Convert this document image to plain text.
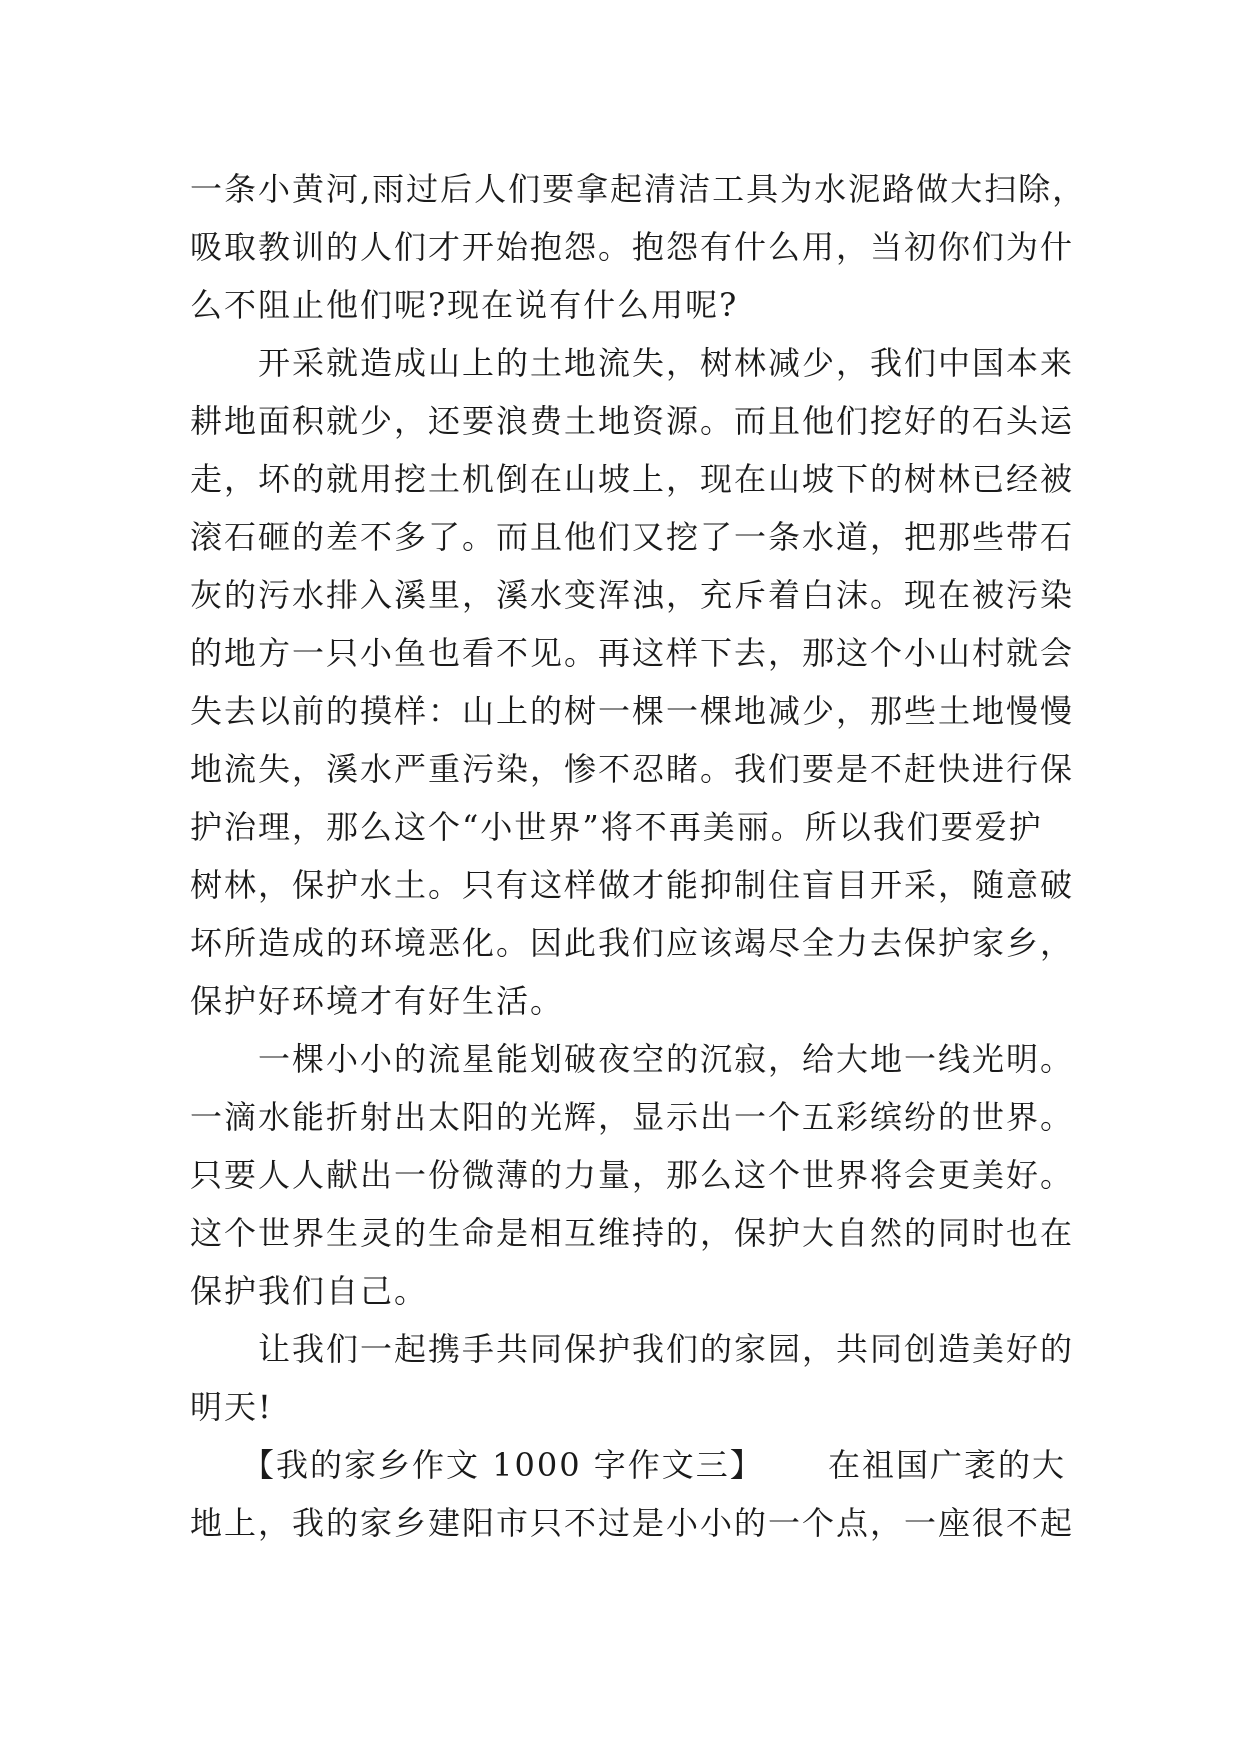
一条小黄河,雨过后人们要拿起清洁工具为水泥路做大扫除，
吸取教训的人们才开始抱怨。抱怨有什么用，当初你们为什
么不阻止他们呢?现在说有什么用呢?
　　开采就造成山上的土地流失，树林减少，我们中国本来
耕地面积就少，还要浪费土地资源。而且他们挖好的石头运
走，坏的就用挖土机倒在山坡上，现在山坡下的树林已经被
滚石砸的差不多了。而且他们又挖了一条水道，把那些带石
灰的污水排入溪里，溪水变浑浊，充斥着白沫。现在被污染
的地方一只小鱼也看不见。再这样下去，那这个小山村就会
失去以前的摸样：山上的树一棵一棵地减少，那些土地慢慢
地流失，溪水严重污染，惨不忍睹。我们要是不赶快进行保
护治理，那么这个“小世界”将不再美丽。所以我们要爱护
树林，保护水土。只有这样做才能抑制住盲目开采，随意破
坏所造成的环境恶化。因此我们应该竭尽全力去保护家乡，
保护好环境才有好生活。
　　一棵小小的流星能划破夜空的沉寂，给大地一线光明。
一滴水能折射出太阳的光辉，显示出一个五彩缤纷的世界。
只要人人献出一份微薄的力量，那么这个世界将会更美好。
这个世界生灵的生命是相互维持的，保护大自然的同时也在
保护我们自己。
　　让我们一起携手共同保护我们的家园，共同创造美好的
明天!
　　【我的家乡作文 1000 字作文三】　　 在祖国广袤的大
地上，我的家乡建阳市只不过是小小的一个点，一座很不起
